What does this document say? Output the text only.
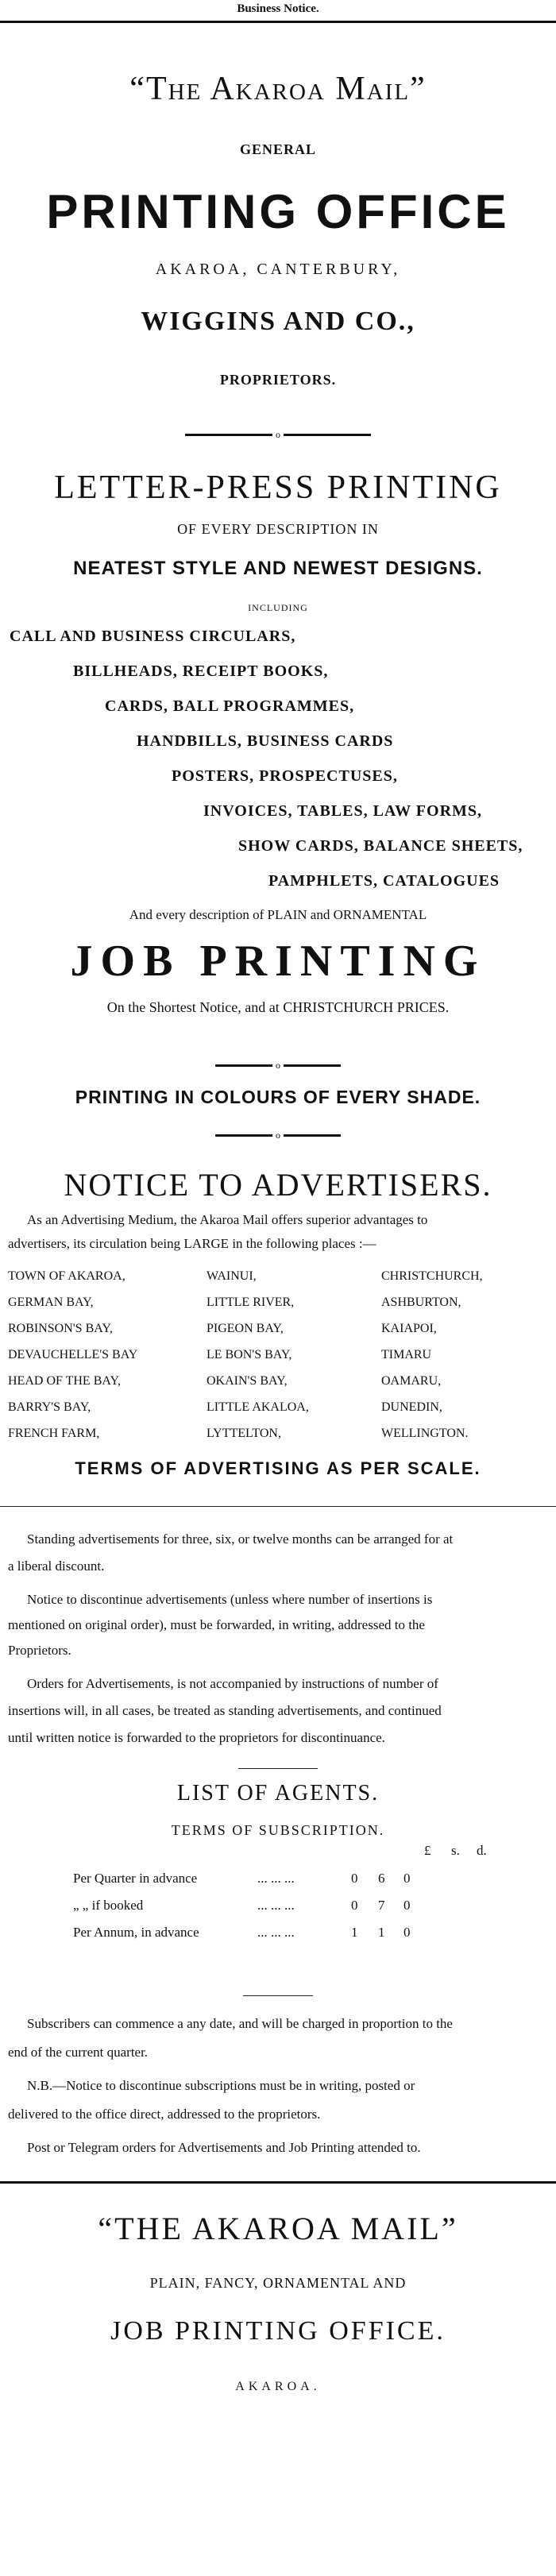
Business Notice.
“The Akaroa Mail”
GENERAL
PRINTING OFFICE
AKAROA, CANTERBURY,
WIGGINS AND CO.,
PROPRIETORS.
o
LETTER-PRESS PRINTING
OF EVERY DESCRIPTION IN
NEATEST STYLE AND NEWEST DESIGNS.
INCLUDING
CALL AND BUSINESS CIRCULARS,
BILLHEADS, RECEIPT BOOKS,
CARDS, BALL PROGRAMMES,
HANDBILLS, BUSINESS CARDS
POSTERS, PROSPECTUSES,
INVOICES, TABLES, LAW FORMS,
SHOW CARDS, BALANCE SHEETS,
PAMPHLETS, CATALOGUES
And every description of PLAIN and ORNAMENTAL
JOB PRINTING
On the Shortest Notice, and at CHRISTCHURCH PRICES.
o
PRINTING IN COLOURS OF EVERY SHADE.
o
NOTICE TO ADVERTISERS.
As an Advertising Medium, the Akaroa Mail offers superior advantages to
advertisers, its circulation being LARGE in the following places :—
TOWN OF AKAROA,	WAINUI,	CHRISTCHURCH,
GERMAN BAY,	LITTLE RIVER,	ASHBURTON,
ROBINSON'S BAY,	PIGEON BAY,	KAIAPOI,
DEVAUCHELLE'S BAY	LE BON'S BAY,	TIMARU
HEAD OF THE BAY,	OKAIN'S BAY,	OAMARU,
BARRY'S BAY,	LITTLE AKALOA,	DUNEDIN,
FRENCH FARM,	LYTTELTON,	WELLINGTON.
TERMS OF ADVERTISING AS PER SCALE.
Standing advertisements for three, six, or twelve months can be arranged for at
a liberal discount.
Notice to discontinue advertisements (unless where number of insertions is
mentioned on original order), must be forwarded, in writing, addressed to the
Proprietors.
Orders for Advertisements, is not accompanied by instructions of number of
insertions will, in all cases, be treated as standing advertisements, and continued
until written notice is forwarded to the proprietors for discontinuance.
LIST OF AGENTS.
TERMS OF SUBSCRIPTION.
£ s. d.
Per Quarter in advance	... ... ...	0	6	0
„ „ if booked	... ... ...	0	7	0
Per Annum, in advance	... ... ...	1	1	0
Subscribers can commence a any date, and will be charged in proportion to the
end of the current quarter.
N.B.—Notice to discontinue subscriptions must be in writing, posted or
delivered to the office direct, addressed to the proprietors.
Post or Telegram orders for Advertisements and Job Printing attended to.
“THE AKAROA MAIL”
PLAIN, FANCY, ORNAMENTAL AND
JOB PRINTING OFFICE.
AKAROA.
